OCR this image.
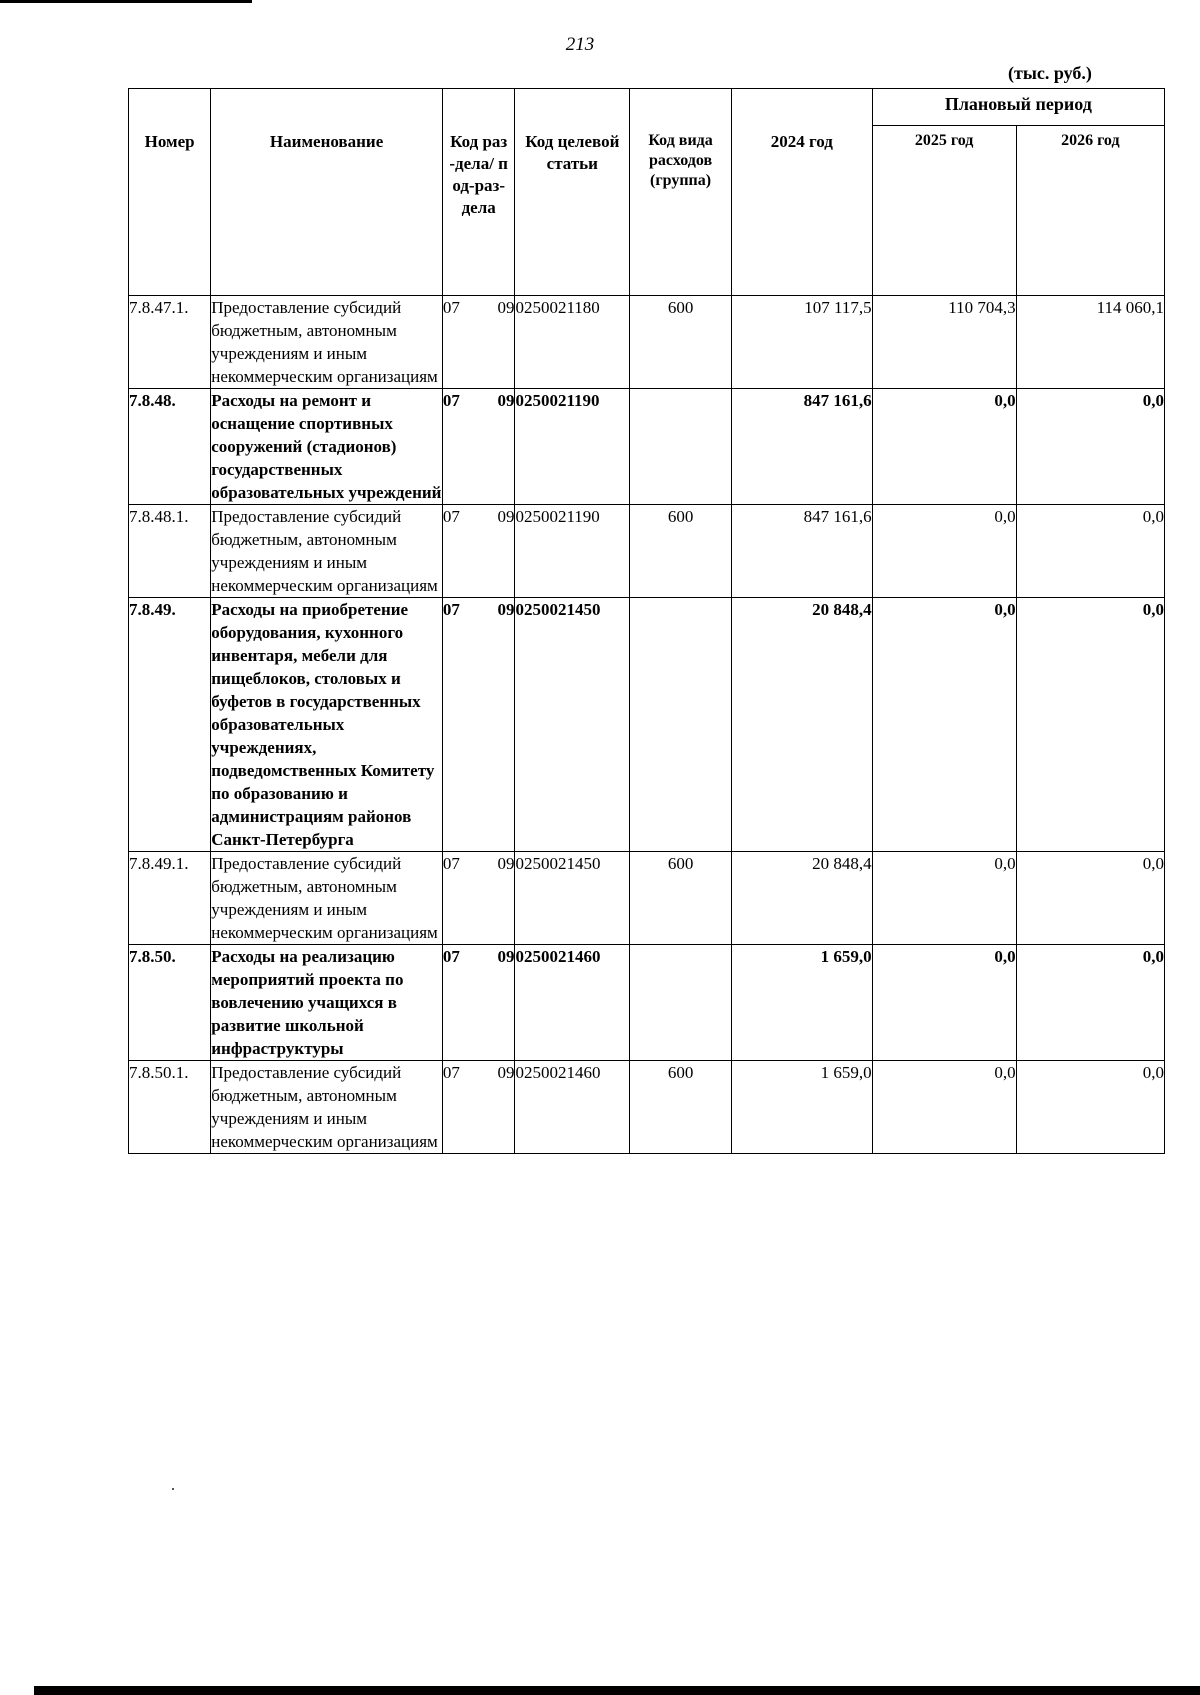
213
(тыс. руб.)
Номер	Наименование	Код раз-дела/ под-раз-дела	Код целевой статьи	Код вида расходов (группа)	2024 год	Плановый период	
						2025 год	2026 год
7.8.47.1.	Предоставление субсидий бюджетным, автономным учреждениям и иным некоммерческим организациям	07 09	0250021180	600	107 117,5	110 704,3	114 060,1
7.8.48.	Расходы на ремонт и оснащение спортивных сооружений (стадионов) государственных образовательных учреждений	07 09	0250021190		847 161,6	0,0	0,0
7.8.48.1.	Предоставление субсидий бюджетным, автономным учреждениям и иным некоммерческим организациям	07 09	0250021190	600	847 161,6	0,0	0,0
7.8.49.	Расходы на приобретение оборудования, кухонного инвентаря, мебели для пищеблоков, столовых и буфетов в государственных образовательных учреждениях, подведомственных Комитету по образованию и администрациям районов Санкт-Петербурга	07 09	0250021450		20 848,4	0,0	0,0
7.8.49.1.	Предоставление субсидий бюджетным, автономным учреждениям и иным некоммерческим организациям	07 09	0250021450	600	20 848,4	0,0	0,0
7.8.50.	Расходы на реализацию мероприятий проекта по вовлечению учащихся в развитие школьной инфраструктуры	07 09	0250021460		1 659,0	0,0	0,0
7.8.50.1.	Предоставление субсидий бюджетным, автономным учреждениям и иным некоммерческим организациям	07 09	0250021460	600	1 659,0	0,0	0,0
